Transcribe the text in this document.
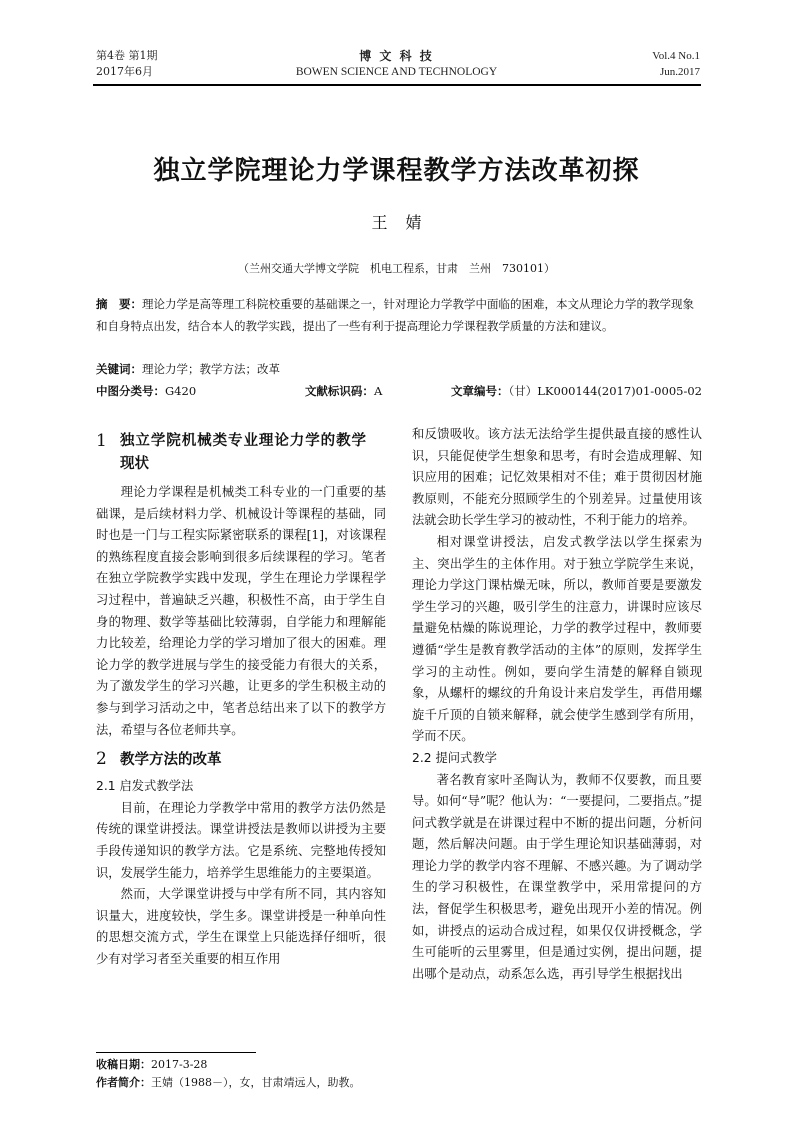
第4卷 第1期
2017年6月
博 文 科 技
BOWEN SCIENCE AND TECHNOLOGY
Vol.4 No.1
Jun.2017
独立学院理论力学课程教学方法改革初探
王婧
（兰州交通大学博文学院　机电工程系，甘肃　兰州　730101）
摘　要：理论力学是高等理工科院校重要的基础课之一，针对理论力学教学中面临的困难，本文从理论力学的教学现象和自身特点出发，结合本人的教学实践，提出了一些有利于提高理论力学课程教学质量的方法和建议。
关键词：理论力学；教学方法；改革
中图分类号：G420	文献标识码：A	文章编号：（甘）LK000144(2017)01-0005-02
1 独立学院机械类专业理论力学的教学现状

理论力学课程是机械类工科专业的一门重要的基础课，是后续材料力学、机械设计等课程的基础，同时也是一门与工程实际紧密联系的课程[1]，对该课程的熟练程度直接会影响到很多后续课程的学习。笔者在独立学院教学实践中发现，学生在理论力学课程学习过程中，普遍缺乏兴趣，积极性不高，由于学生自身的物理、数学等基础比较薄弱，自学能力和理解能力比较差，给理论力学的学习增加了很大的困难。理论力学的教学进展与学生的接受能力有很大的关系，为了激发学生的学习兴趣，让更多的学生积极主动的参与到学习活动之中，笔者总结出来了以下的教学方法，希望与各位老师共享。

2 教学方法的改革

2.1 启发式教学法

目前，在理论力学教学中常用的教学方法仍然是传统的课堂讲授法。课堂讲授法是教师以讲授为主要手段传递知识的教学方法。它是系统、完整地传授知识，发展学生能力，培养学生思维能力的主要渠道。

然而，大学课堂讲授与中学有所不同，其内容知识量大，进度较快，学生多。课堂讲授是一种单向性的思想交流方式，学生在课堂上只能选择仔细听，很少有对学习者至关重要的相互作用

和反馈吸收。该方法无法给学生提供最直接的感性认识，只能促使学生想象和思考，有时会造成理解、知识应用的困难；记忆效果相对不佳；难于贯彻因材施教原则，不能充分照顾学生的个别差异。过量使用该法就会助长学生学习的被动性，不利于能力的培养。

相对课堂讲授法，启发式教学法以学生探索为主、突出学生的主体作用。对于独立学院学生来说，理论力学这门课枯燥无味，所以，教师首要是要激发学生学习的兴趣，吸引学生的注意力，讲课时应该尽量避免枯燥的陈说理论，力学的教学过程中，教师要遵循“学生是教育教学活动的主体”的原则，发挥学生学习的主动性。例如，要向学生清楚的解释自锁现象，从螺杆的螺纹的升角设计来启发学生，再借用螺旋千斤顶的自锁来解释，就会使学生感到学有所用，学而不厌。

2.2 提问式教学

著名教育家叶圣陶认为，教师不仅要教，而且要导。如何“导”呢？他认为：“一要提问，二要指点。”提问式教学就是在讲课过程中不断的提出问题，分析问题，然后解决问题。由于学生理论知识基础薄弱，对理论力学的教学内容不理解、不感兴趣。为了调动学生的学习积极性，在课堂教学中，采用常提问的方法，督促学生积极思考，避免出现开小差的情况。例如，讲授点的运动合成过程，如果仅仅讲授概念，学生可能听的云里雾里，但是通过实例，提出问题，提出哪个是动点，动系怎么选，再引导学生根据找出

收稿日期：2017-3-28
作者简介：王婧（1988－），女，甘肃靖远人，助教。
